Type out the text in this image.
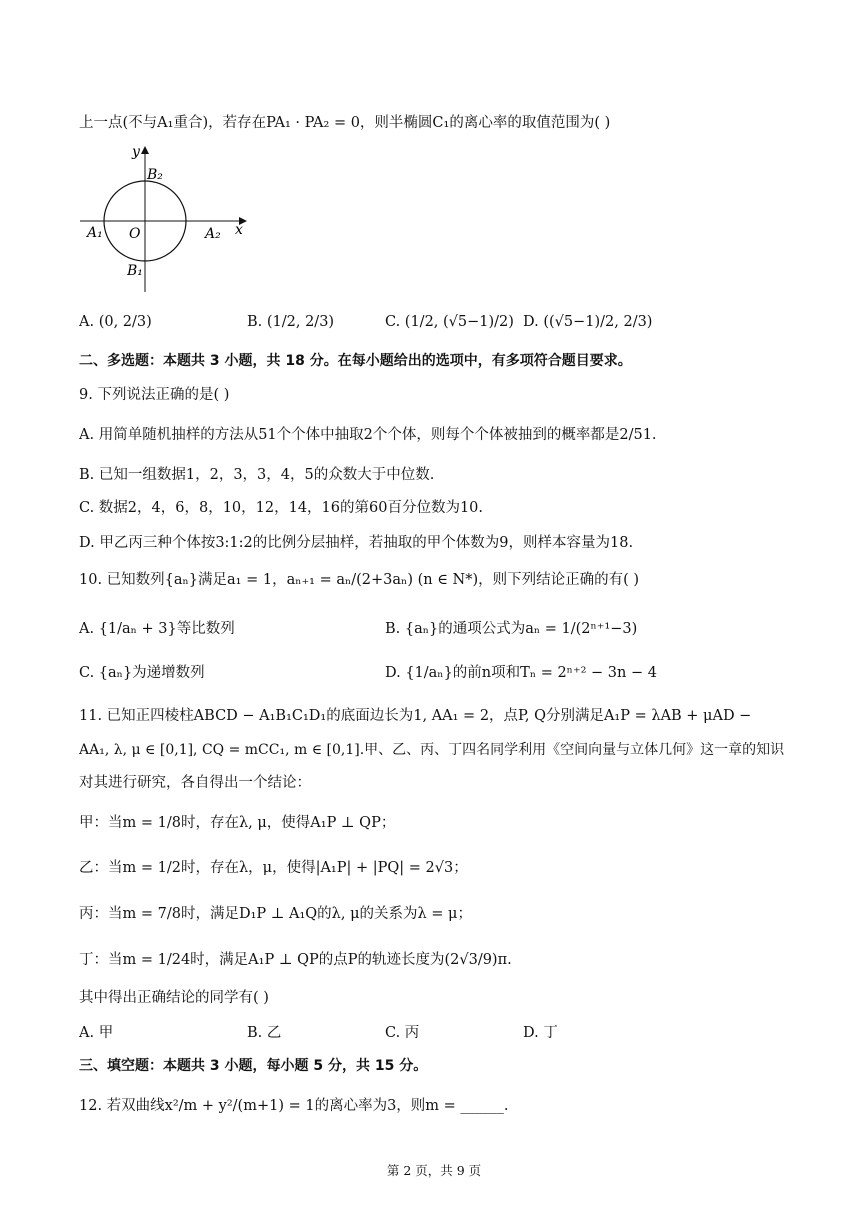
上一点(不与A₁重合)，若存在PA₁ · PA₂ = 0，则半椭圆C₁的离心率的取值范围为( )
y
x
O
A₁	A₂
B₁
B₂
A. (0, 2/3)	B. (1/2, 2/3)	C. (1/2, (√5−1)/2) D. ((√5−1)/2, 2/3)
二、多选题：本题共 3 小题，共 18 分。在每小题给出的选项中，有多项符合题目要求。
9. 下列说法正确的是( )
A. 用简单随机抽样的方法从51个个体中抽取2个个体，则每个个体被抽到的概率都是2/51.
B. 已知一组数据1，2，3，3，4，5的众数大于中位数.
C. 数据2，4，6，8，10，12，14，16的第60百分位数为10.
D. 甲乙丙三种个体按3:1:2的比例分层抽样，若抽取的甲个体数为9，则样本容量为18.
10. 已知数列{aₙ}满足a₁ = 1，aₙ₊₁ = aₙ/(2+3aₙ) (n ∈ N*)，则下列结论正确的有( )
A. {1/aₙ + 3}等比数列	B. {aₙ}的通项公式为aₙ = 1/(2ⁿ⁺¹−3)
C. {aₙ}为递增数列	D. {1/aₙ}的前n项和Tₙ = 2ⁿ⁺² − 3n − 4
11. 已知正四棱柱ABCD − A₁B₁C₁D₁的底面边长为1, AA₁ = 2，点P, Q分别满足A₁P = λAB + μAD −
AA₁, λ, μ ∈ [0,1], CQ = mCC₁, m ∈ [0,1].甲、乙、丙、丁四名同学利用《空间向量与立体几何》这一章的知识
对其进行研究，各自得出一个结论：
甲：当m = 1/8时，存在λ, μ，使得A₁P ⊥ QP；
乙：当m = 1/2时，存在λ，μ，使得|A₁P| + |PQ| = 2√3；
丙：当m = 7/8时，满足D₁P ⊥ A₁Q的λ, μ的关系为λ = μ；
丁：当m = 1/24时，满足A₁P ⊥ QP的点P的轨迹长度为(2√3/9)π.
其中得出正确结论的同学有( )
A. 甲	B. 乙	C. 丙	D. 丁
三、填空题：本题共 3 小题，每小题 5 分，共 15 分。
12. 若双曲线x²/m + y²/(m+1) = 1的离心率为3，则m = ______.
第 2 页，共 9 页
